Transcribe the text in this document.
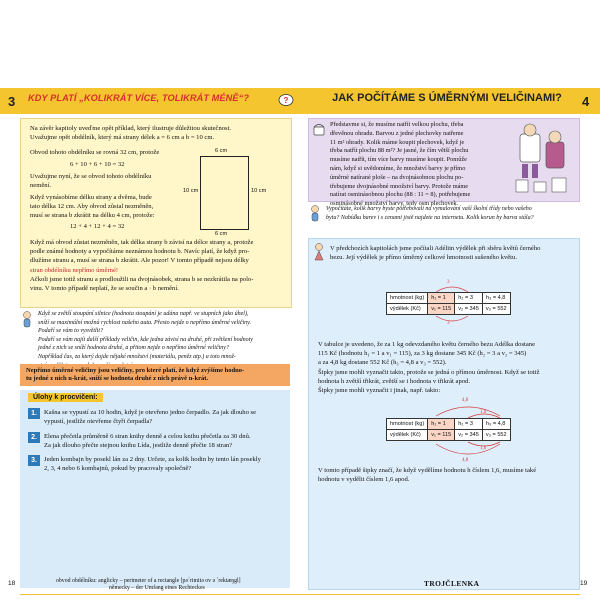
3 KDY PLATÍ „KOLIKRÁT VÍCE, TOLIKRÁT MÉNĚ“?	?	JAK POČÍTÁME S ÚMĚRNÝMI VELIČINAMI?	4

Na závěr kapitoly uveďme opět příklad, který ilustruje důležitou skutečnost.

Uvažujme opět obdélník, který má strany délek a = 6 cm a b = 10 cm.

Obvod tohoto obdélníku se rovná 32 cm, protože
6 + 10 + 6 + 10 = 32

Uvažujme nyní, že se obvod tohoto obdélníku

nemění.

Když vynásobíme délku strany a dvěma, bude

tato délka 12 cm. Aby obvod zůstal nezměněn,

musí se strana b zkrátit na délku 4 cm, protože:

12 + 4 + 12 + 4 = 32
6 cm
10 cm	10 cm
6 cm

Když má obvod zůstat nezměněn, tak délka strany b závisí na délce strany a, protože

podle známé hodnoty a vypočítáme neznámou hodnotu b. Navíc platí, že když pro-

dlužíme stranu a, musí se strana b zkrátit. Ale pozor! V tomto případě nejsou délky

stran obdélníku nepřímo úměrné!

Ačkoli jsme totiž stranu a prodloužili na dvojnásobek, strana b se nezkrátila na polo-

vinu. V tomto případě neplatí, že se součin a · b nemění.

Když se zvětší stoupání silnice (hodnota stoupání je udána např. ve stupních jako úhel),

sníží se maximální možná rychlost našeho auta. Přesto nejde o nepřímo úměrné veličiny.

Podaří se vám to vysvětlit?

Podaří se vám najít další příklady veličin, kde jedna závisí na druhé, při zvětšení hodnoty

jedné z nich se sníží hodnota druhé, a přitom nejde o nepřímo úměrné veličiny?

Například čas, za který dojde nějaké množství (materiálu, peněz atp.) a toto množ-

Nepřímo úměrné veličiny jsou veličiny, pro které platí, že když zvýšíme hodno-

tu jedné z nich n-krát, sníží se hodnota druhé z nich právě n-krát.

Úlohy k procvičení:
1.	Kašna se vypustí za 10 hodin, když je otevřeno jedno čerpadlo. Za jak dlouho se

vypustí, jestliže otevřeme čtyři čerpadla?

2.	Elena přečetla průměrně 6 stran knihy denně a celou knihu přečetla za 30 dnů.

Za jak dlouho přečte stejnou knihu Lída, jestliže denně přečte 18 stran?

3.	Jeden kombajn by posekl lán za 2 dny. Určete, za kolik hodin by tento lán posekly

2, 3, 4 nebo 6 kombajnů, pokud by pracovaly společně?

Představme si, že musíme natřít velkou plochu, třeba

dřevěnou ohradu. Barvou z jedné plechovky natřeme

11 m² ohrady. Kolik máme koupit plechovek, když je

třeba natřít plochu 88 m²? Je jasné, že čím větší plochu

musíme natřít, tím více barvy musíme koupit. Pomůže

nám, když si uvědomíme, že množství barvy je přímo

úměrné natírané ploše – na dvojnásobnou plochu po-

třebujeme dvojnásobné množství barvy. Protože máme

natírat osminásobnou plochu (88 : 11 = 8), potřebujeme

osminásobné množství barvy, tedy osm plechovek.

Vypočítáte, kolik barvy byste potřebovali na vymalování vaší školní třídy nebo vašeho

bytu? Nabídku barev i s cenami jistě najdete na internetu. Kolik korun by barva stála?

V předchozích kapitolách jsme počítali Adéliin výdělek při sběru květů černého

bezu. Její výdělek je přímo úměrný celkové hmotnosti sušeného květu.

hmotnost (kg)	h₁ = 1	h₂ = 3	h₃ = 4,8
výdělek (Kč)	v₁ = 115	v₂ = 345	v₃ = 552
3
3

V tabulce je uvedeno, že za 1 kg odevzdaného květu černého bezu Adélka dostane

115 Kč (hodnotu h₁ = 1 a v₁ = 115), za 3 kg dostane 345 Kč (h₂ = 3 a v₂ = 345)

a za 4,8 kg dostane 552 Kč (h₃ = 4,8 a v₃ = 552).

Šipky jsme mohli vyznačit takto, protože se jedná o přímou úměrnost. Když se totiž

hodnota h zvětší třikrát, zvětší se i hodnota v třikrát apod.

Šipky jsme mohli vyznačit i jinak, např. takto:

hmotnost (kg)	h₁ = 1	h₂ = 3	h₃ = 4,8
výdělek (Kč)	v₁ = 115	v₂ = 345	v₃ = 552
4,8
1,6
1,6
4,8

V tomto případě šipky značí, že když vydělíme hodnotu h číslem 1,6, musíme také

hodnotu v vydělit číslem 1,6 apod.

18	obvod obdélníku: anglicky – perimeter of a rectangle [pə´rimitə ov ə ´rektæŋgl]

německy – der Umfang eines Rechteckes	TROJČLENKA	19
